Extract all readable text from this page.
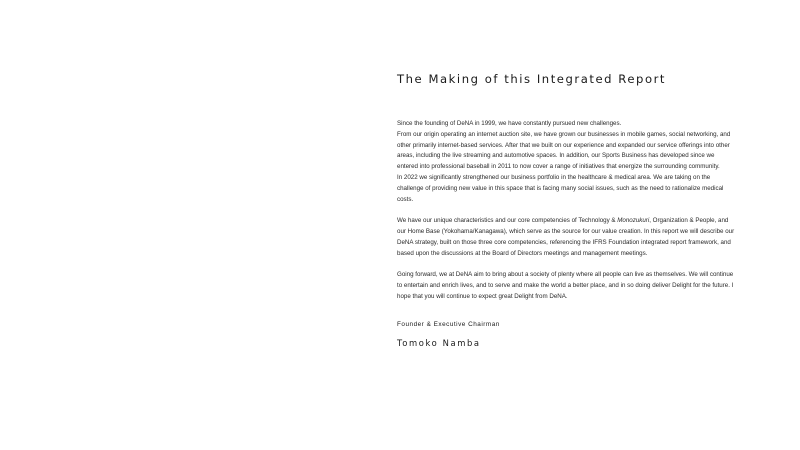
The Making of this Integrated Report

Since the founding of DeNA in 1999, we have constantly pursued new challenges.
From our origin operating an internet auction site, we have grown our businesses in mobile games, social networking, and other primarily internet-based services. After that we built on our experience and expanded our service offerings into other areas, including the live streaming and automotive spaces. In addition, our Sports Business has developed since we entered into professional baseball in 2011 to now cover a range of initiatives that energize the surrounding community.
In 2022 we significantly strengthened our business portfolio in the healthcare & medical area. We are taking on the challenge of providing new value in this space that is facing many social issues, such as the need to rationalize medical costs.

We have our unique characteristics and our core competencies of Technology & Monozukuri, Organization & People, and our Home Base (Yokohama/Kanagawa), which serve as the source for our value creation. In this report we will describe our DeNA strategy, built on those three core competencies, referencing the IFRS Foundation integrated report framework, and based upon the discussions at the Board of Directors meetings and management meetings.

Going forward, we at DeNA aim to bring about a society of plenty where all people can live as themselves. We will continue to entertain and enrich lives, and to serve and make the world a better place, and in so doing deliver Delight for the future. I hope that you will continue to expect great Delight from DeNA.

Founder & Executive Chairman
Tomoko Namba
